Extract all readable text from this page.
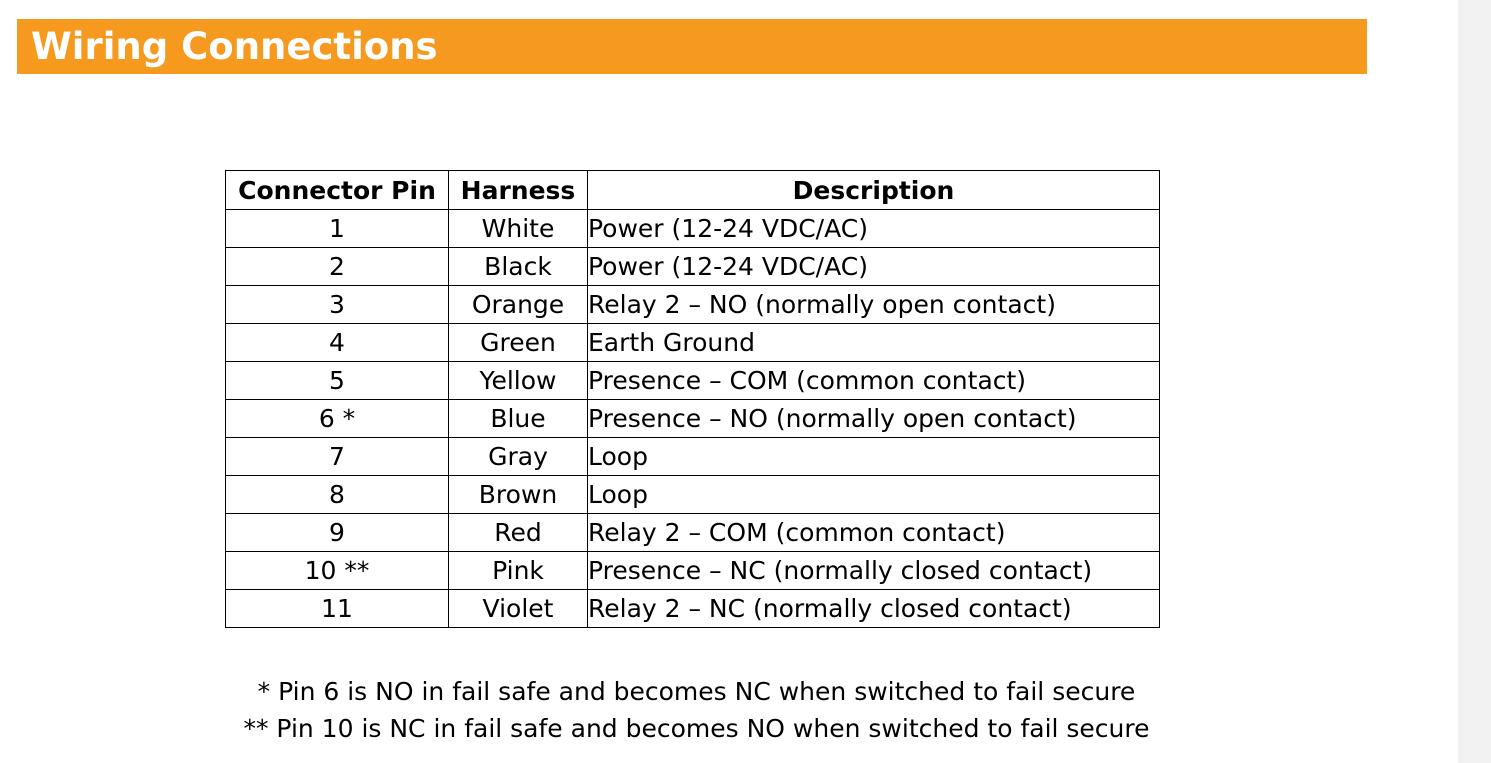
Wiring Connections
Connector Pin	Harness	Description
1	White	Power (12-24 VDC/AC)
2	Black	Power (12-24 VDC/AC)
3	Orange	Relay 2 – NO (normally open contact)
4	Green	Earth Ground
5	Yellow	Presence – COM (common contact)
6 *	Blue	Presence – NO (normally open contact)
7	Gray	Loop
8	Brown	Loop
9	Red	Relay 2 – COM (common contact)
10 **	Pink	Presence – NC (normally closed contact)
11	Violet	Relay 2 – NC (normally closed contact)

* Pin 6 is NO in fail safe and becomes NC when switched to fail secure

** Pin 10 is NC in fail safe and becomes NO when switched to fail secure
